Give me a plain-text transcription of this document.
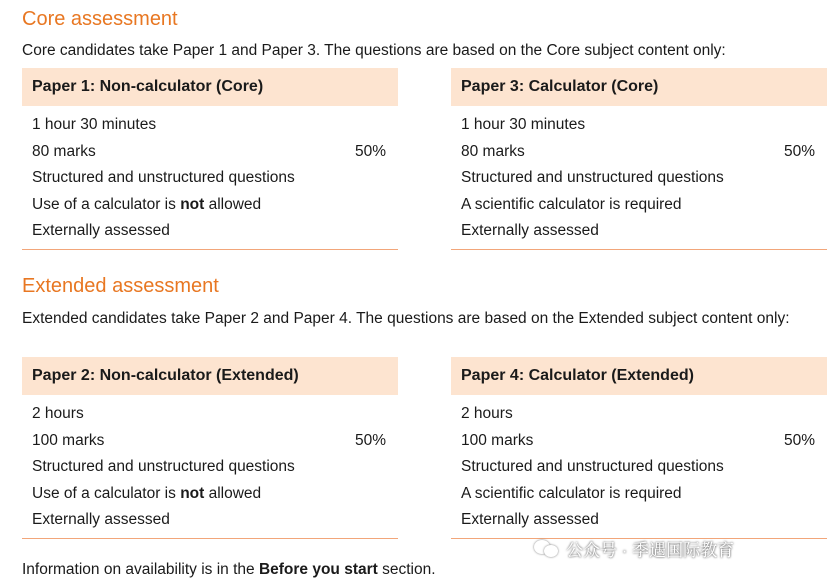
Core assessment

Core candidates take Paper 1 and Paper 3. The questions are based on the Core subject content only:

Paper 1: Non-calculator (Core)
1 hour 30 minutes
80 marks	50%
Structured and unstructured questions
Use of a calculator is not allowed
Externally assessed
Paper 3: Calculator (Core)
1 hour 30 minutes
80 marks	50%
Structured and unstructured questions
A scientific calculator is required
Externally assessed
Extended assessment

Extended candidates take Paper 2 and Paper 4. The questions are based on the Extended subject content only:

Paper 2: Non-calculator (Extended)
2 hours
100 marks	50%
Structured and unstructured questions
Use of a calculator is not allowed
Externally assessed
Paper 4: Calculator (Extended)
2 hours
100 marks	50%
Structured and unstructured questions
A scientific calculator is required
Externally assessed

Information on availability is in the Before you start section.

公众号 · 季遇国际教育
